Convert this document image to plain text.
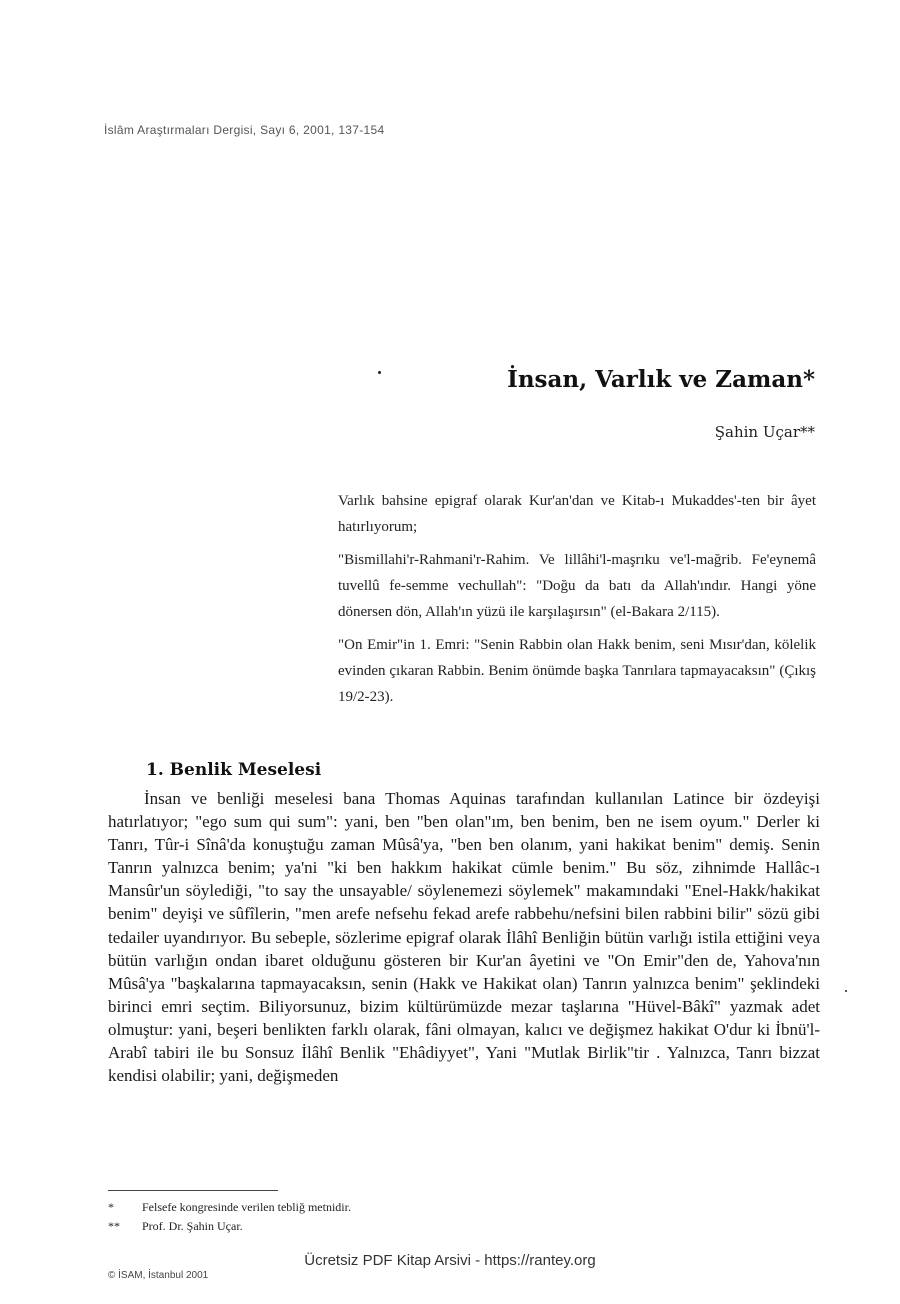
İslâm Araştırmaları Dergisi, Sayı 6, 2001, 137-154
İnsan, Varlık ve Zaman*
Şahin Uçar**

Varlık bahsine epigraf olarak Kur'an'dan ve Kitab-ı Mukaddes'-ten bir âyet hatırlıyorum;

"Bismillahi'r-Rahmani'r-Rahim. Ve lillâhi'l-maşrıku ve'l-mağrib. Fe'eynemâ tuvellû fe-semme vechullah": "Doğu da batı da Allah'ındır. Hangi yöne dönersen dön, Allah'ın yüzü ile karşılaşırsın" (el-Bakara 2/115).

"On Emir"in 1. Emri: "Senin Rabbin olan Hakk benim, seni Mısır'dan, kölelik evinden çıkaran Rabbin. Benim önümde başka Tanrılara tapmayacaksın" (Çıkış 19/2-23).

1. Benlik Meselesi

İnsan ve benliği meselesi bana Thomas Aquinas tarafından kullanılan Latince bir özdeyişi hatırlatıyor; "ego sum qui sum": yani, ben "ben olan"ım, ben benim, ben ne isem oyum." Derler ki Tanrı, Tûr-i Sînâ'da konuştuğu zaman Mûsâ'ya, "ben ben olanım, yani hakikat benim" demiş. Senin Tanrın yalnızca benim; ya'ni "ki ben hakkım hakikat cümle benim." Bu söz, zihnimde Hallâc-ı Mansûr'un söylediği, "to say the unsayable/ söylenemezi söylemek" makamındaki "Enel-Hakk/hakikat benim" deyişi ve sûfîlerin, "men arefe nefsehu fekad arefe rabbehu/nefsini bilen rabbini bilir" sözü gibi tedailer uyandırıyor. Bu sebeple, sözlerime epigraf olarak İlâhî Benliğin bütün varlığı istila ettiğini veya bütün varlığın ondan ibaret olduğunu gösteren bir Kur'an âyetini ve "On Emir"den de, Yahova'nın Mûsâ'ya "başkalarına tapmayacaksın, senin (Hakk ve Hakikat olan) Tanrın yalnızca benim" şeklindeki birinci emri seçtim. Biliyorsunuz, bizim kültürümüzde mezar taşlarına "Hüvel-Bâkî" yazmak adet olmuştur: yani, beşeri benlikten farklı olarak, fâni olmayan, kalıcı ve değişmez hakikat O'dur ki İbnü'l-Arabî tabiri ile bu Sonsuz İlâhî Benlik "Ehâdiyyet", Yani "Mutlak Birlik"tir . Yalnızca, Tanrı bizzat kendisi olabilir; yani, değişmeden

*	Felsefe kongresinde verilen tebliğ metnidir.
**	Prof. Dr. Şahin Uçar.
Ücretsiz PDF Kitap Arsivi - https://rantey.org
© İSAM, İstanbul 2001
